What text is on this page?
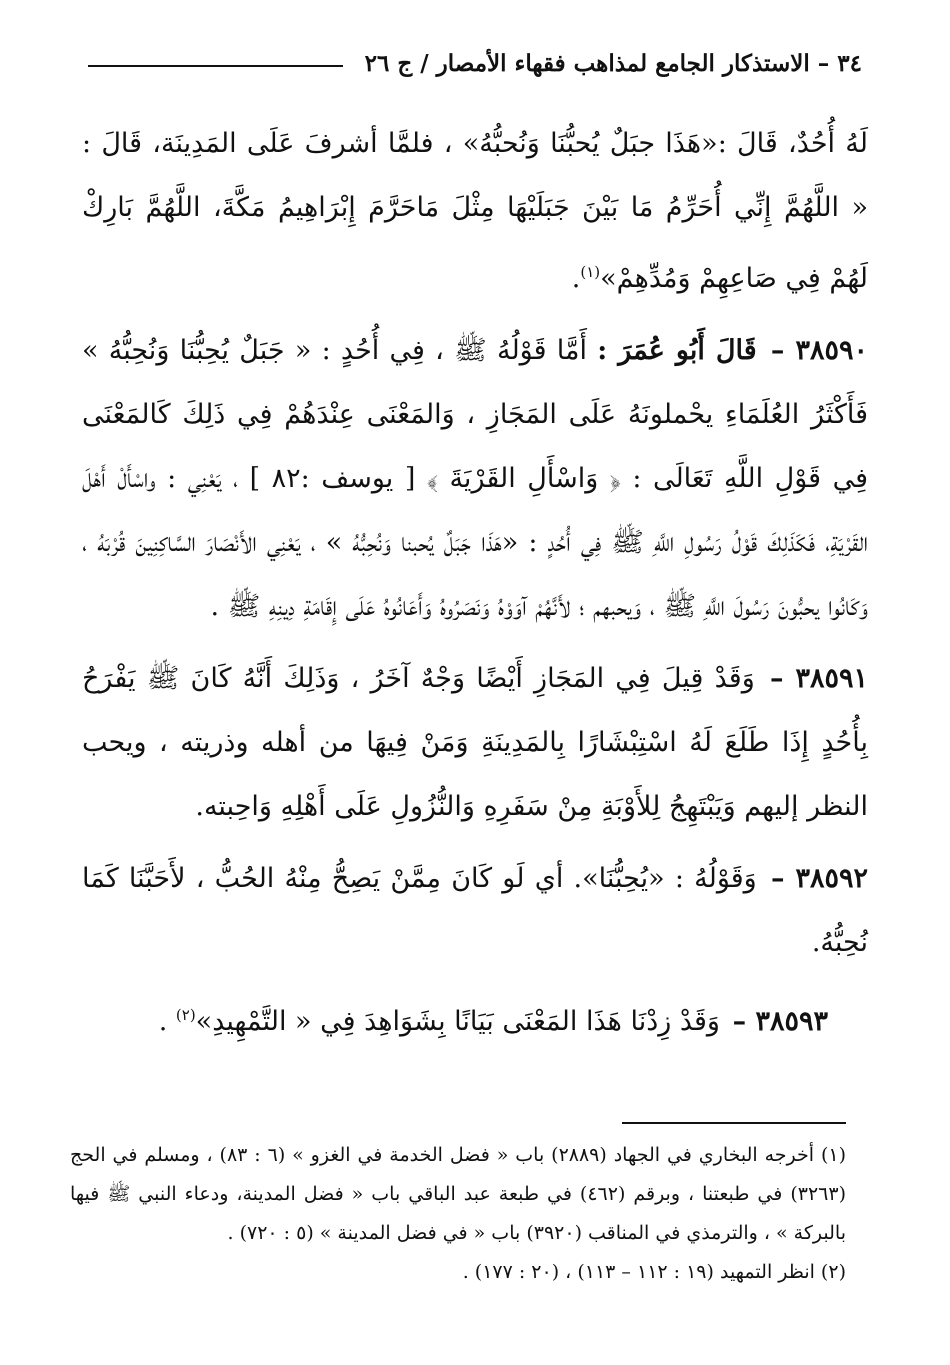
٣٤ – الاستذكار الجامع لمذاهب فقهاء الأمصار / ج ٢٦

لَهُ أُحُدٌ، قَالَ :«هَذَا جبَلٌ يُحبُّنَا وَنُحبُّهُ» ، فلمَّا أشرفَ عَلَى المَدِينَة، قَالَ : « اللَّهُمَّ إِنِّي أُحَرِّمُ مَا بَيْنَ جَبَلَيْهَا مِثْلَ مَاحَرَّمَ إِبْرَاهِيمُ مَكَّةَ، اللَّهُمَّ بَارِكْ لَهُمْ فِي صَاعِهِمْ وَمُدِّهِمْ»$^{(١)}$.

٣٨٥٩٠ – قَالَ أَبُو عُمَرَ : أَمَّا قَوْلُهُ ﷺ ، فِي أُحُدٍ : « جَبَلٌ يُحِبُّنَا وَنُحِبُّهُ » فَأَكْثَرُ العُلَمَاءِ يحْملونَهُ عَلَى المَجَازِ ، وَالمَعْنَى عِنْدَهُمْ فِي ذَلِكَ كَالمَعْنَى فِي قَوْلِ اللَّهِ تَعَالَى : ﴿ وَاسْأَلِ القَرْيَةَ ﴾ [ يوسف :٨٢ ] ، يَعْنِي : واسْأَلْ أَهْلَ القَرْيَةِ، فَكَذَلِكَ قَوْلُ رَسُولِ اللَّهِ ﷺ فِي أُحُدٍ : «هَذَا جَبَلٌ يُحبنا وَنُحِبُّهُ » ، يَعْنِي الأَنْصَارَ السَّاكِنِينَ قُرْبَهُ ، وَكَانُوا يحبُّونَ رَسُولَ اللَّهِ ﷺ ، وَيحبهم ؛ لأَنَّهُمْ آوَوْهُ وَنَصَرُوهُ وَأَعَانُوهُ عَلَى إِقَامَةِ دِينِهِ ﷺ .

٣٨٥٩١ – وَقَدْ قِيلَ فِي المَجَازِ أَيْضًا وَجْهٌ آخَرُ ، وَذَلِكَ أَنَّهُ كَانَ ﷺ يَفْرَحُ بِأُحُدٍ إِذَا طَلَعَ لَهُ اسْتِبْشَارًا بِالمَدِينَةِ وَمَنْ فِيهَا من أهله وذريته ، ويحب النظر إليهم وَيَبْتَهِجُ لِلأَوْبَةِ مِنْ سَفَرِهِ وَالنُّزُولِ عَلَى أَهْلِهِ وَاحِبته.

٣٨٥٩٢ – وَقَوْلُهُ : «يُحِبُّنَا». أي لَو كَانَ مِمَّنْ يَصِحُّ مِنْهُ الحُبُّ ، لأَحَبَّنَا كَمَا نُحِبُّهُ.

٣٨٥٩٣ – وَقَدْ زِدْنَا هَذَا المَعْنَى بَيَانًا بِشَوَاهِدَ فِي « التَّمْهِيدِ»$^{(٢)}$ .

(١) أخرجه البخاري في الجهاد (٢٨٨٩) باب « فضل الخدمة في الغزو » (٦ : ٨٣) ، ومسلم في الحج (٣٢٦٣) في طبعتنا ، وبرقم (٤٦٢) في طبعة عبد الباقي باب « فضل المدينة، ودعاء النبي ﷺ فيها بالبركة » ، والترمذي في المناقب (٣٩٢٠) باب « في فضل المدينة » (٥ : ٧٢٠) .

(٢) انظر التمهيد (١٩ : ١١٢ – ١١٣) ، (٢٠ : ١٧٧) .
